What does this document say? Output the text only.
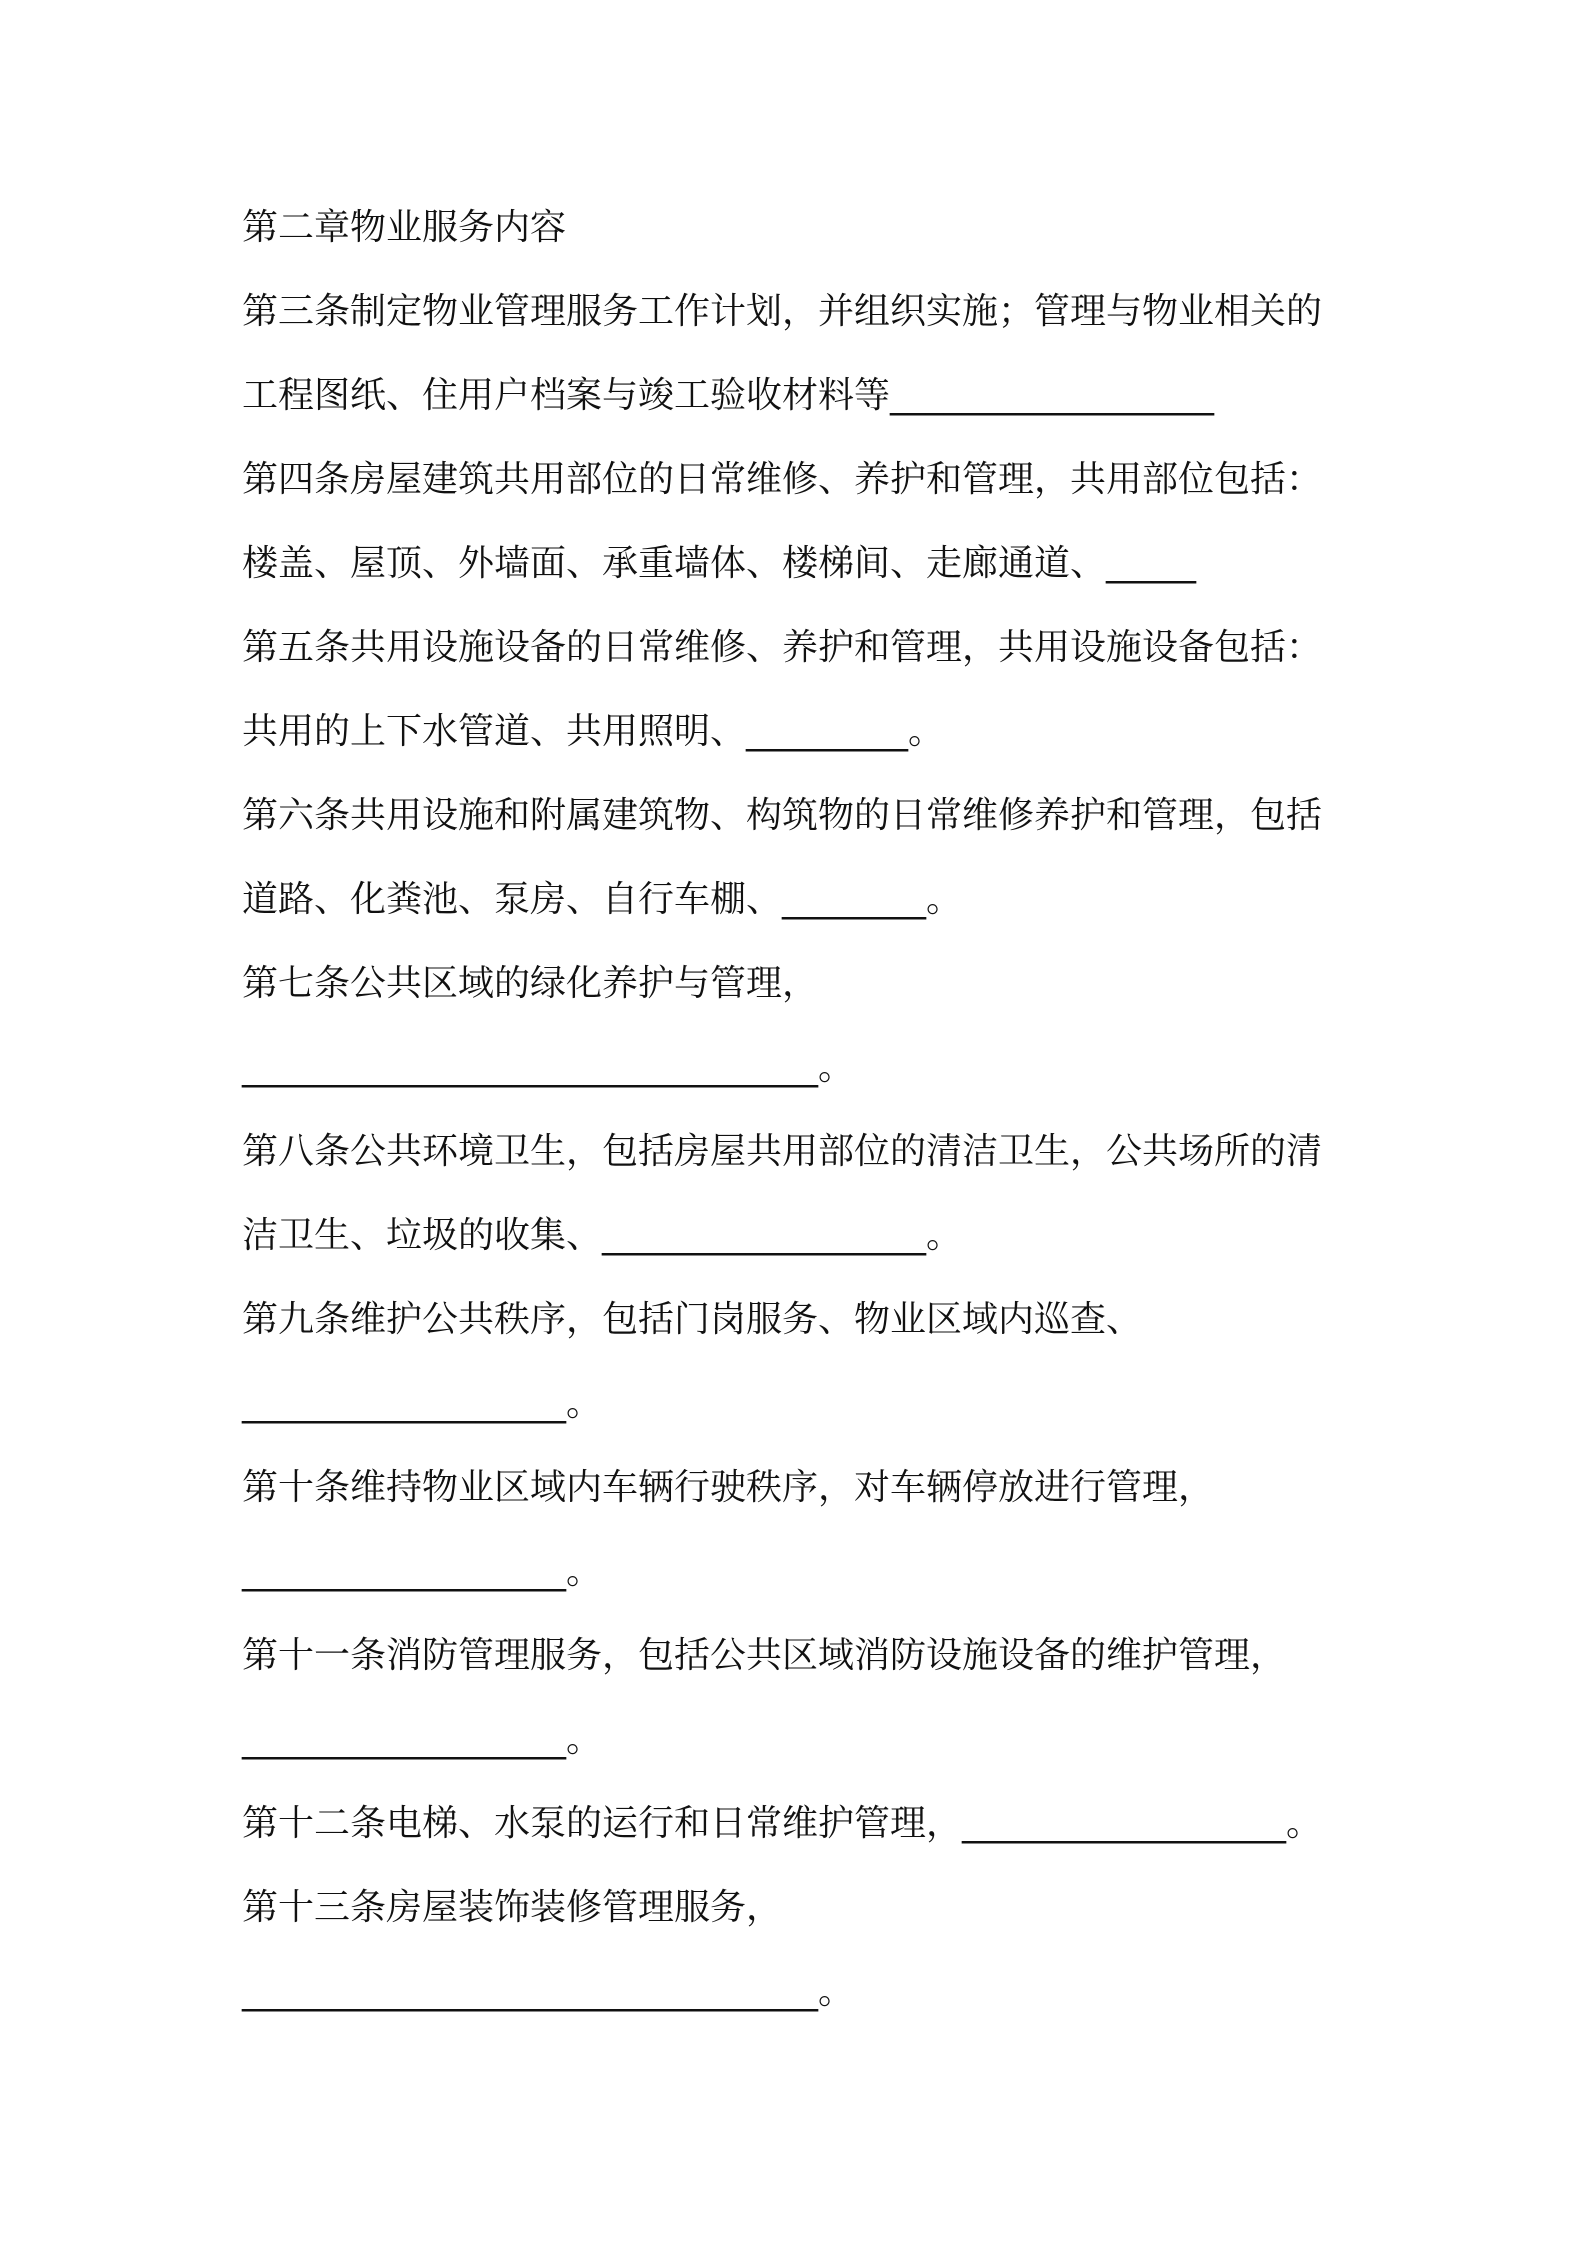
第二章物业服务内容
第三条制定物业管理服务工作计划，并组织实施；管理与物业相关的
工程图纸、住用户档案与竣工验收材料等__________________
第四条房屋建筑共用部位的日常维修、养护和管理，共用部位包括：
楼盖、屋顶、外墙面、承重墙体、楼梯间、走廊通道、_____
第五条共用设施设备的日常维修、养护和管理，共用设施设备包括：
共用的上下水管道、共用照明、_________。
第六条共用设施和附属建筑物、构筑物的日常维修养护和管理，包括
道路、化粪池、泵房、自行车棚、________。
第七条公共区域的绿化养护与管理，
________________________________。
第八条公共环境卫生，包括房屋共用部位的清洁卫生，公共场所的清
洁卫生、垃圾的收集、__________________。
第九条维护公共秩序，包括门岗服务、物业区域内巡查、
__________________。
第十条维持物业区域内车辆行驶秩序，对车辆停放进行管理，
__________________。
第十一条消防管理服务，包括公共区域消防设施设备的维护管理，
__________________。
第十二条电梯、水泵的运行和日常维护管理，__________________。
第十三条房屋装饰装修管理服务，
________________________________。
